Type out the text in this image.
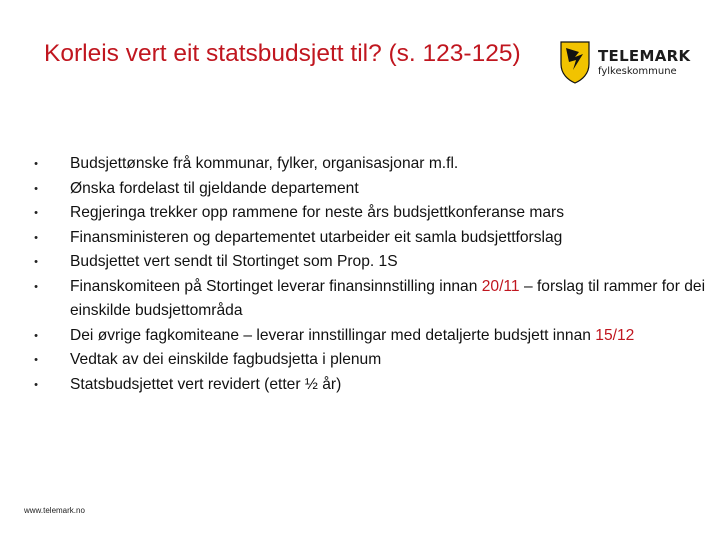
Korleis vert eit statsbudsjett til? (s. 123-125)	TELEMARK
fylkeskommune
• Budsjettønske frå kommunar, fylker, organisasjonar m.fl.
• Ønska fordelast til gjeldande departement
• Regjeringa trekker opp rammene for neste års budsjettkonferanse mars
• Finansministeren og departementet utarbeider eit samla budsjettforslag
• Budsjettet vert sendt til Stortinget som Prop. 1S
• Finanskomiteen på Stortinget leverar finansinnstilling innan 20/11 – forslag til rammer for dei einskilde budsjettområda
• Dei øvrige fagkomiteane – leverar innstillingar med detaljerte budsjett innan 15/12
• Vedtak av dei einskilde fagbudsjetta i plenum
• Statsbudsjettet vert revidert (etter ½ år)
www.telemark.no
